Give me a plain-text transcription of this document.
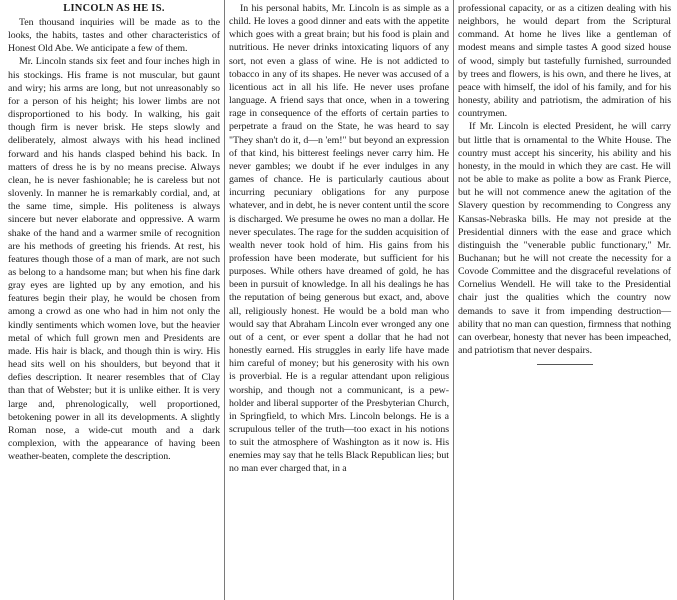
LINCOLN AS HE IS.

Ten thousand inquiries will be made as to the looks, the habits, tastes and other characteristics of Honest Old Abe. We anticipate a few of them.

Mr. Lincoln stands six feet and four inches high in his stockings. His frame is not muscular, but gaunt and wiry; his arms are long, but not unreasonably so for a person of his height; his lower limbs are not disproportioned to his body. In walking, his gait though firm is never brisk. He steps slowly and deliberately, almost always with his head inclined forward and his hands clasped behind his back. In matters of dress he is by no means precise. Always clean, he is never fashionable; he is careless but not slovenly. In manner he is remarkably cordial, and, at the same time, simple. His politeness is always sincere but never elaborate and oppressive. A warm shake of the hand and a warmer smile of recognition are his methods of greeting his friends. At rest, his features though those of a man of mark, are not such as belong to a handsome man; but when his fine dark gray eyes are lighted up by any emotion, and his features begin their play, he would be chosen from among a crowd as one who had in him not only the kindly sentiments which women love, but the heavier metal of which full grown men and Presidents are made. His hair is black, and though thin is wiry. His head sits well on his shoulders, but beyond that it defies description. It nearer resembles that of Clay than that of Webster; but it is unlike either. It is very large and, phrenologically, well proportioned, betokening power in all its developments. A slightly Roman nose, a wide-cut mouth and a dark complexion, with the appearance of having been weather-beaten, complete the description.

In his personal habits, Mr. Lincoln is as simple as a child. He loves a good dinner and eats with the appetite which goes with a great brain; but his food is plain and nutritious. He never drinks intoxicating liquors of any sort, not even a glass of wine. He is not addicted to tobacco in any of its shapes. He never was accused of a licentious act in all his life. He never uses profane language. A friend says that once, when in a towering rage in consequence of the efforts of certain parties to perpetrate a fraud on the State, he was heard to say "They shan't do it, d—n 'em!" but beyond an expression of that kind, his bitterest feelings never carry him. He never gambles; we doubt if he ever indulges in any games of chance. He is particularly cautious about incurring pecuniary obligations for any purpose whatever, and in debt, he is never content until the score is discharged. We presume he owes no man a dollar. He never speculates. The rage for the sudden acquisition of wealth never took hold of him. His gains from his profession have been moderate, but sufficient for his purposes. While others have dreamed of gold, he has been in pursuit of knowledge. In all his dealings he has the reputation of being generous but exact, and, above all, religiously honest. He would be a bold man who would say that Abraham Lincoln ever wronged any one out of a cent, or ever spent a dollar that he had not honestly earned. His struggles in early life have made him careful of money; but his generosity with his own is proverbial. He is a regular attendant upon religious worship, and though not a communicant, is a pew-holder and liberal supporter of the Presbyterian Church, in Springfield, to which Mrs. Lincoln belongs. He is a scrupulous teller of the truth—too exact in his notions to suit the atmosphere of Washington as it now is. His enemies may say that he tells Black Republican lies; but no man ever charged that, in a

professional capacity, or as a citizen dealing with his neighbors, he would depart from the Scriptural command. At home he lives like a gentleman of modest means and simple tastes A good sized house of wood, simply but tastefully furnished, surrounded by trees and flowers, is his own, and there he lives, at peace with himself, the idol of his family, and for his honesty, ability and patriotism, the admiration of his countrymen.

If Mr. Lincoln is elected President, he will carry but little that is ornamental to the White House. The country must accept his sincerity, his ability and his honesty, in the mould in which they are cast. He will not be able to make as polite a bow as Frank Pierce, but he will not commence anew the agitation of the Slavery question by recommending to Congress any Kansas-Nebraska bills. He may not preside at the Presidential dinners with the ease and grace which distinguish the "venerable public functionary," Mr. Buchanan; but he will not create the necessity for a Covode Committee and the disgraceful revelations of Cornelius Wendell. He will take to the Presidential chair just the qualities which the country now demands to save it from impending destruction—ability that no man can question, firmness that nothing can overbear, honesty that never has been impeached, and patriotism that never despairs.
